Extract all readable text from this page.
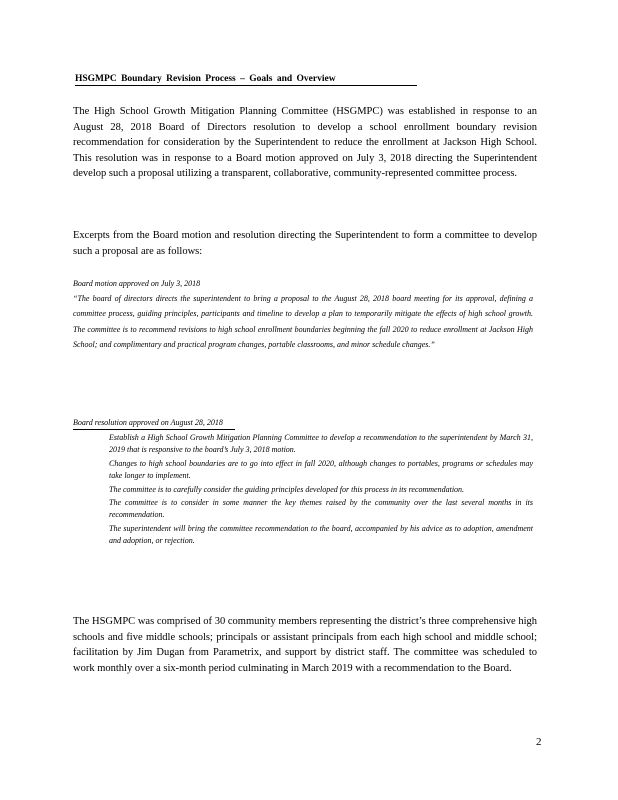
HSGMPC Boundary Revision Process – Goals and Overview

The High School Growth Mitigation Planning Committee (HSGMPC) was established in response to an August 28, 2018 Board of Directors resolution to develop a school enrollment boundary revision recommendation for consideration by the Superintendent to reduce the enrollment at Jackson High School. This resolution was in response to a Board motion approved on July 3, 2018 directing the Superintendent develop such a proposal utilizing a transparent, collaborative, community-represented committee process.

Excerpts from the Board motion and resolution directing the Superintendent to form a committee to develop such a proposal are as follows:

Board motion approved on July 3, 2018
“The board of directors directs the superintendent to bring a proposal to the August 28, 2018 board meeting for its approval, defining a committee process, guiding principles, participants and timeline to develop a plan to temporarily mitigate the effects of high school growth. The committee is to recommend revisions to high school enrollment boundaries beginning the fall 2020 to reduce enrollment at Jackson High School; and complimentary and practical program changes, portable classrooms, and minor schedule changes.”
Board resolution approved on August 28, 2018
Establish a High School Growth Mitigation Planning Committee to develop a recommendation to the superintendent by March 31, 2019 that is responsive to the board’s July 3, 2018 motion.
Changes to high school boundaries are to go into effect in fall 2020, although changes to portables, programs or schedules may take longer to implement.
The committee is to carefully consider the guiding principles developed for this process in its recommendation.
The committee is to consider in some manner the key themes raised by the community over the last several months in its recommendation.
The superintendent will bring the committee recommendation to the board, accompanied by his advice as to adoption, amendment and adoption, or rejection.

The HSGMPC was comprised of 30 community members representing the district’s three comprehensive high schools and five middle schools; principals or assistant principals from each high school and middle school; facilitation by Jim Dugan from Parametrix, and support by district staff. The committee was scheduled to work monthly over a six-month period culminating in March 2019 with a recommendation to the Board.

2
